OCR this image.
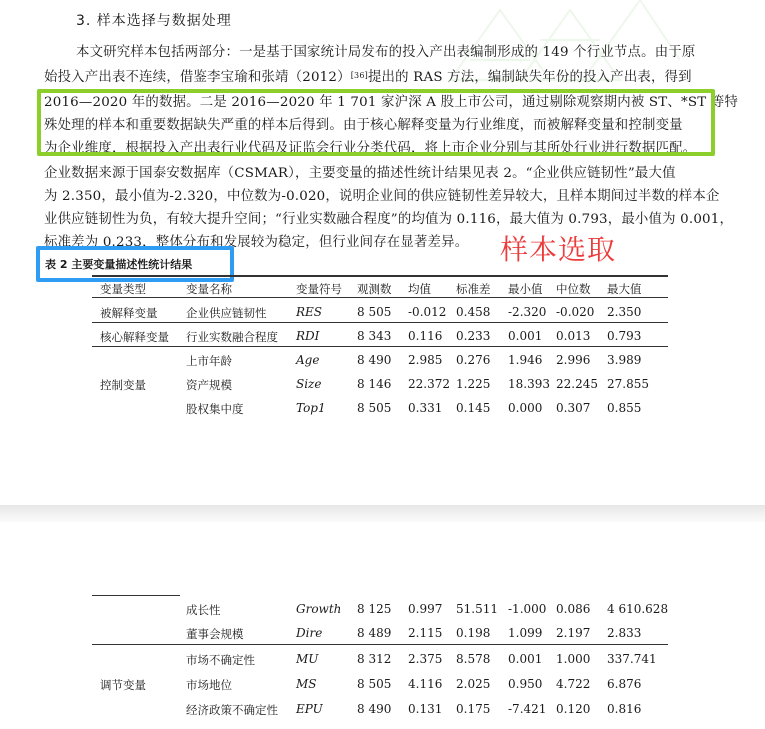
3. 样本选择与数据处理
本文研究样本包括两部分：一是基于国家统计局发布的投入产出表编制形成的 149 个行业节点。由于原
始投入产出表不连续，借鉴李宝瑜和张靖（2012）[36]提出的 RAS 方法，编制缺失年份的投入产出表，得到
2016—2020 年的数据。二是 2016—2020 年 1 701 家沪深 A 股上市公司，通过剔除观察期内被 ST、*ST 等特
殊处理的样本和重要数据缺失严重的样本后得到。由于核心解释变量为行业维度，而被解释变量和控制变量
为企业维度，根据投入产出表行业代码及证监会行业分类代码，将上市企业分别与其所处行业进行数据匹配。
企业数据来源于国泰安数据库（CSMAR），主要变量的描述性统计结果见表 2。“企业供应链韧性”最大值
为 2.350，最小值为-2.320，中位数为-0.020，说明企业间的供应链韧性差异较大，且样本期间过半数的样本企
业供应链韧性为负，有较大提升空间；“行业实数融合程度”的均值为 0.116，最大值为 0.793，最小值为 0.001，
标准差为 0.233，整体分布和发展较为稳定，但行业间存在显著差异。 样本选取
表 2 主要变量描述性统计结果
变量类型	变量名称	变量符号 观测数 均值 标准差 最小值 中位数 最大值
被解释变量 企业供应链韧性 RES	8 505 -0.012 0.458 -2.320 -0.020 2.350
核心解释变量 行业实数融合程度 RDI	8 343 0.116 0.233 0.001 0.013 0.793
控制变量
上市年龄	Age	8 490 2.985 0.276 1.946 2.996 3.989
资产规模	Size	8 146 22.372 1.225 18.393 22.245 27.855
股权集中度	Top1	8 505 0.331 0.145 0.000 0.307 0.855
成长性	Growth 8 125 0.997 51.511 -1.000 0.086 4 610.628
董事会规模	Dire	8 489 2.115 0.198 1.099 2.197 2.833
调节变量
市场不确定性	MU	8 312 2.375 8.578 0.001 1.000 337.741
市场地位	MS	8 505 4.116 2.025 0.950 4.722 6.876
经济政策不确定性 EPU	8 490 0.131 0.175 -7.421 0.120 0.816
